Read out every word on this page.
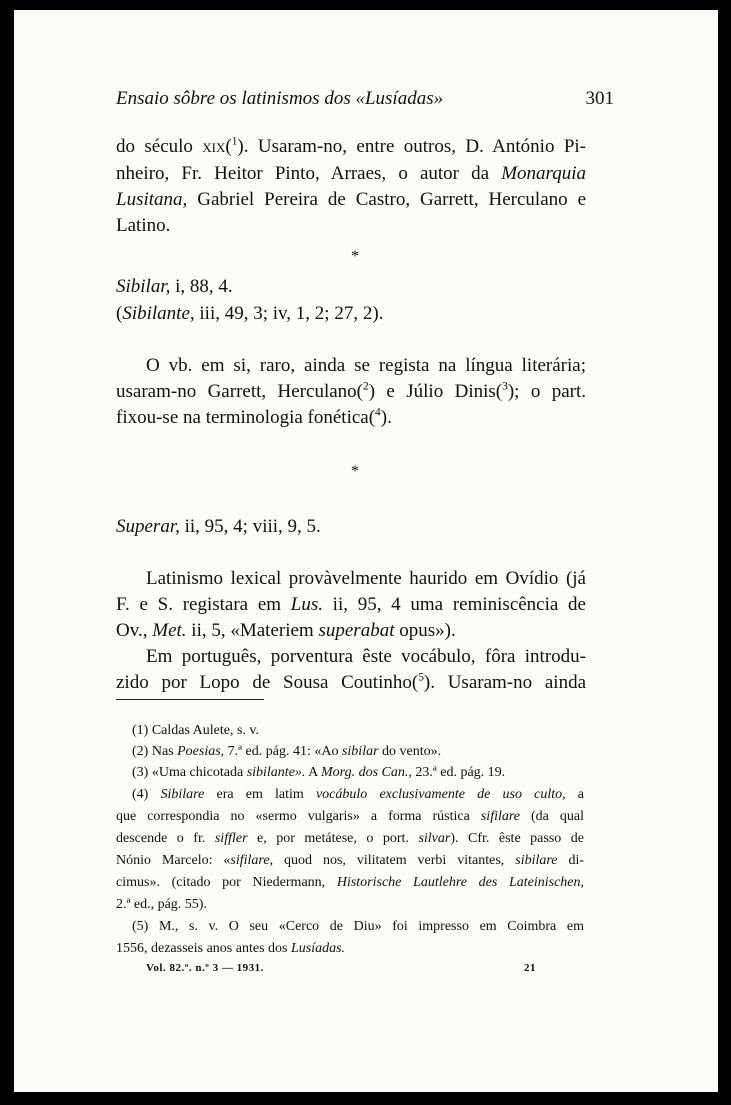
Ensaio sôbre os latinismos dos «Lusíadas»	301

do século xix($^1$). Usaram-no, entre outros, D. António Pi-
nheiro, Fr. Heitor Pinto, Arraes, o autor da Monarquia
Lusitana, Gabriel Pereira de Castro, Garrett, Herculano e

Latino.

*
Sibilar, i, 88, 4.
(Sibilante, iii, 49, 3; iv, 1, 2; 27, 2).

O vb. em si, raro, ainda se regista na língua literária;

usaram-no Garrett, Herculano($^2$) e Júlio Dinis($^3$); o part.

fixou-se na terminologia fonética($^4$).

*
Superar, ii, 95, 4; viii, 9, 5.

Latinismo lexical provàvelmente haurido em Ovídio (já

F. e S. registara em Lus. ii, 95, 4 uma reminiscência de

Ov., Met. ii, 5, «Materiem superabat opus»).

Em português, porventura êste vocábulo, fôra introdu-

zido por Lopo de Sousa Coutinho($^5$). Usaram-no ainda

(1) Caldas Aulete, s. v.

(2) Nas Poesias, 7.ª ed. pág. 41: «Ao sibilar do vento».

(3) «Uma chicotada sibilante». A Morg. dos Can., 23.ª ed. pág. 19.

(4) Sibilare era em latim vocábulo exclusivamente de uso culto, a

que correspondia no «sermo vulgaris» a forma rústica sifilare (da qual

descende o fr. siffler e, por metátese, o port. silvar). Cfr. êste passo de

Nónio Marcelo: «sifilare, quod nos, vilitatem verbi vitantes, sibilare di-

cimus». (citado por Niedermann, Historische Lautlehre des Lateinischen,

2.ª ed., pág. 55).

(5) M., s. v. O seu «Cerco de Diu» foi impresso em Coimbra em

1556, dezasseis anos antes dos Lusíadas.

Vol. 82.º. n.º 3 — 1931.	21
